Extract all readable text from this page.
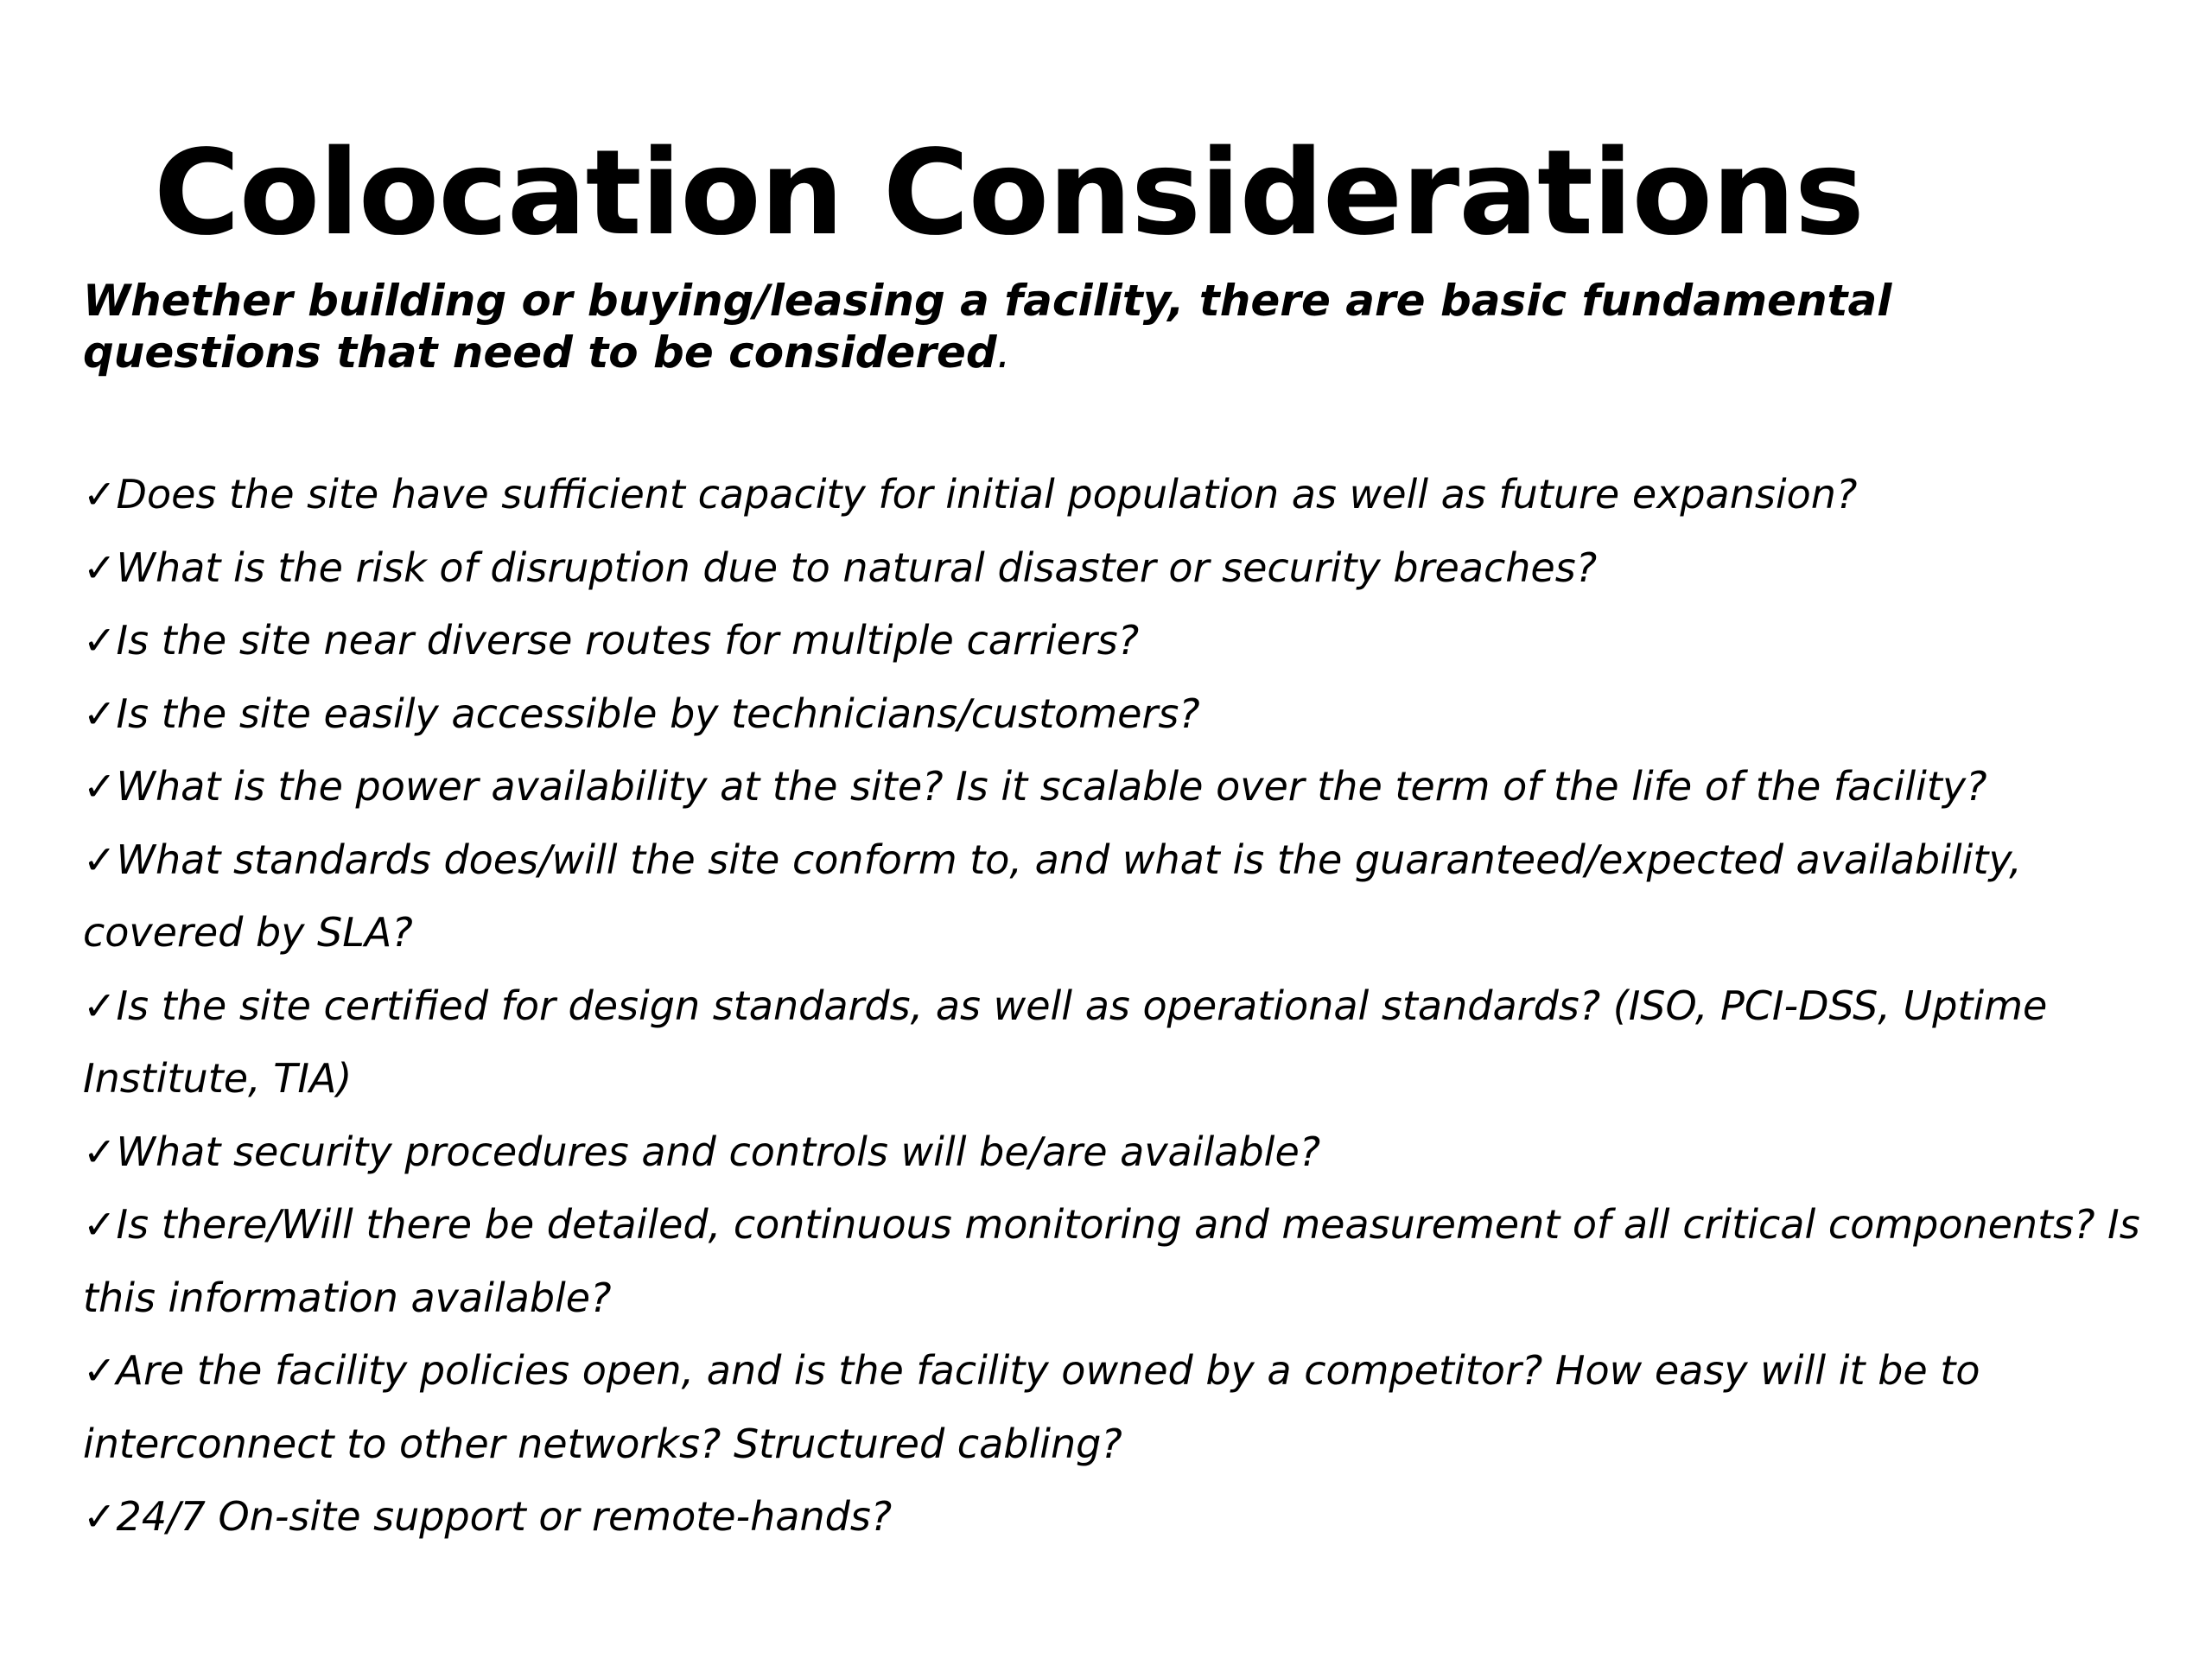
Colocation Considerations

Whether building or buying/leasing a facility, there are basic fundamental questions that need to be considered.

✓Does the site have sufficient capacity for initial population as well as future expansion?
✓What is the risk of disruption due to natural disaster or security breaches?
✓Is the site near diverse routes for multiple carriers?
✓Is the site easily accessible by technicians/customers?
✓What is the power availability at the site? Is it scalable over the term of the life of the facility?
✓What standards does/will the site conform to, and what is the guaranteed/expected availability, covered by SLA?
✓Is the site certified for design standards, as well as operational standards? (ISO, PCI-DSS, Uptime Institute, TIA)
✓What security procedures and controls will be/are available?
✓Is there/Will there be detailed, continuous monitoring and measurement of all critical components? Is this information available?
✓Are the facility policies open, and is the facility owned by a competitor? How easy will it be to interconnect to other networks? Structured cabling?
✓24/7 On-site support or remote-hands?
